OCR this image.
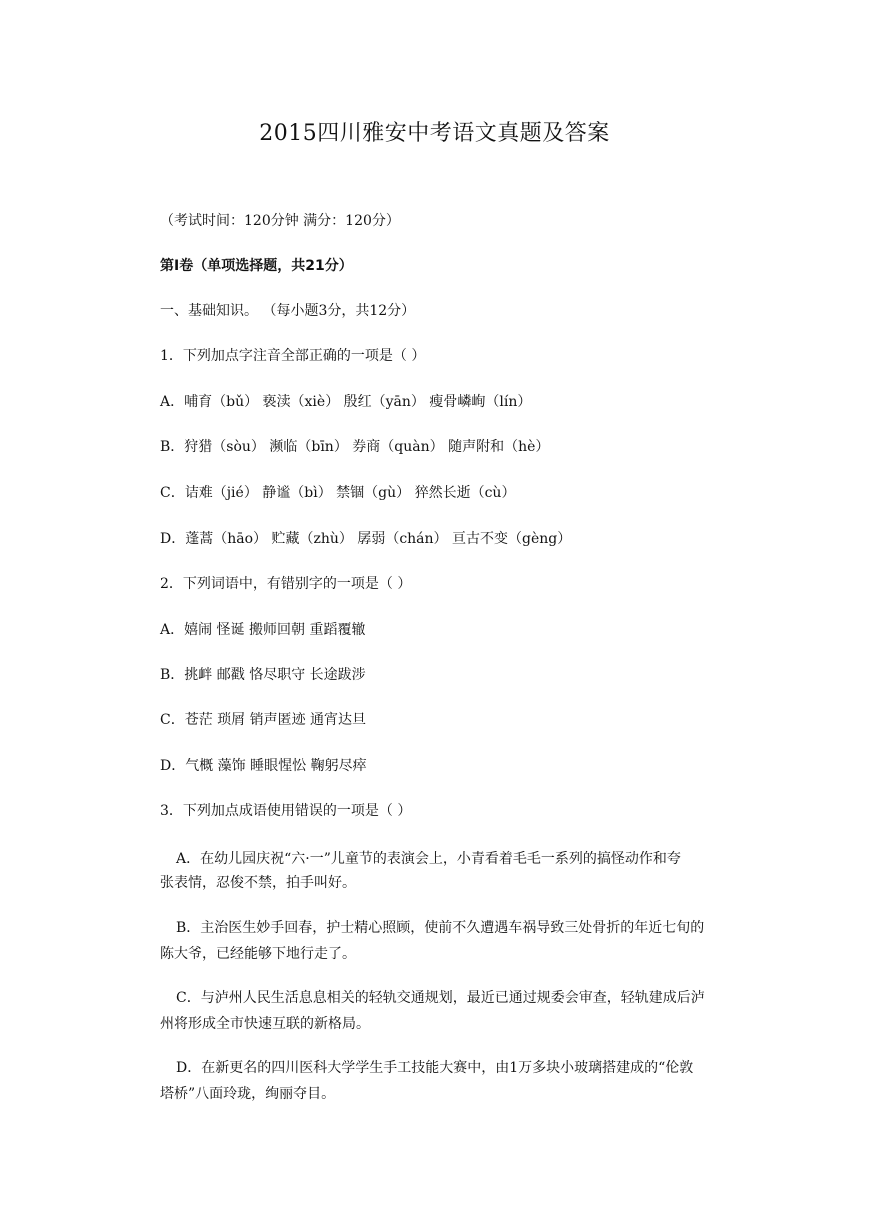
2015四川雅安中考语文真题及答案
（考试时间：120分钟 满分：120分）
第Ⅰ卷（单项选择题，共21分）
一、基础知识。 （每小题3分，共12分）
1．下列加点字注音全部正确的一项是（ ）
A．哺育（bǔ） 亵渎（xiè） 殷红（yān） 瘦骨嶙峋（lín）
B．狩猎（sòu） 濒临（bīn） 券商（quàn） 随声附和（hè）
C．诘难（jié） 静谧（bì） 禁锢（gù） 猝然长逝（cù）
D．蓬蒿（hāo） 贮藏（zhù） 孱弱（chán） 亘古不变（gèng）
2．下列词语中，有错别字的一项是（ ）
A．嬉闹 怪诞 搬师回朝 重蹈覆辙
B．挑衅 邮戳 恪尽职守 长途跋涉
C．苍茫 琐屑 销声匿迹 通宵达旦
D．气概 藻饰 睡眼惺忪 鞠躬尽瘁
3．下列加点成语使用错误的一项是（ ）
A．在幼儿园庆祝“六·一”儿童节的表演会上，小青看着毛毛一系列的搞怪动作和夸
张表情，忍俊不禁，拍手叫好。
B．主治医生妙手回春，护士精心照顾，使前不久遭遇车祸导致三处骨折的年近七旬的
陈大爷，已经能够下地行走了。
C．与泸州人民生活息息相关的轻轨交通规划，最近已通过规委会审查，轻轨建成后泸
州将形成全市快速互联的新格局。
D．在新更名的四川医科大学学生手工技能大赛中，由1万多块小玻璃搭建成的“伦敦
塔桥”八面玲珑，绚丽夺目。
